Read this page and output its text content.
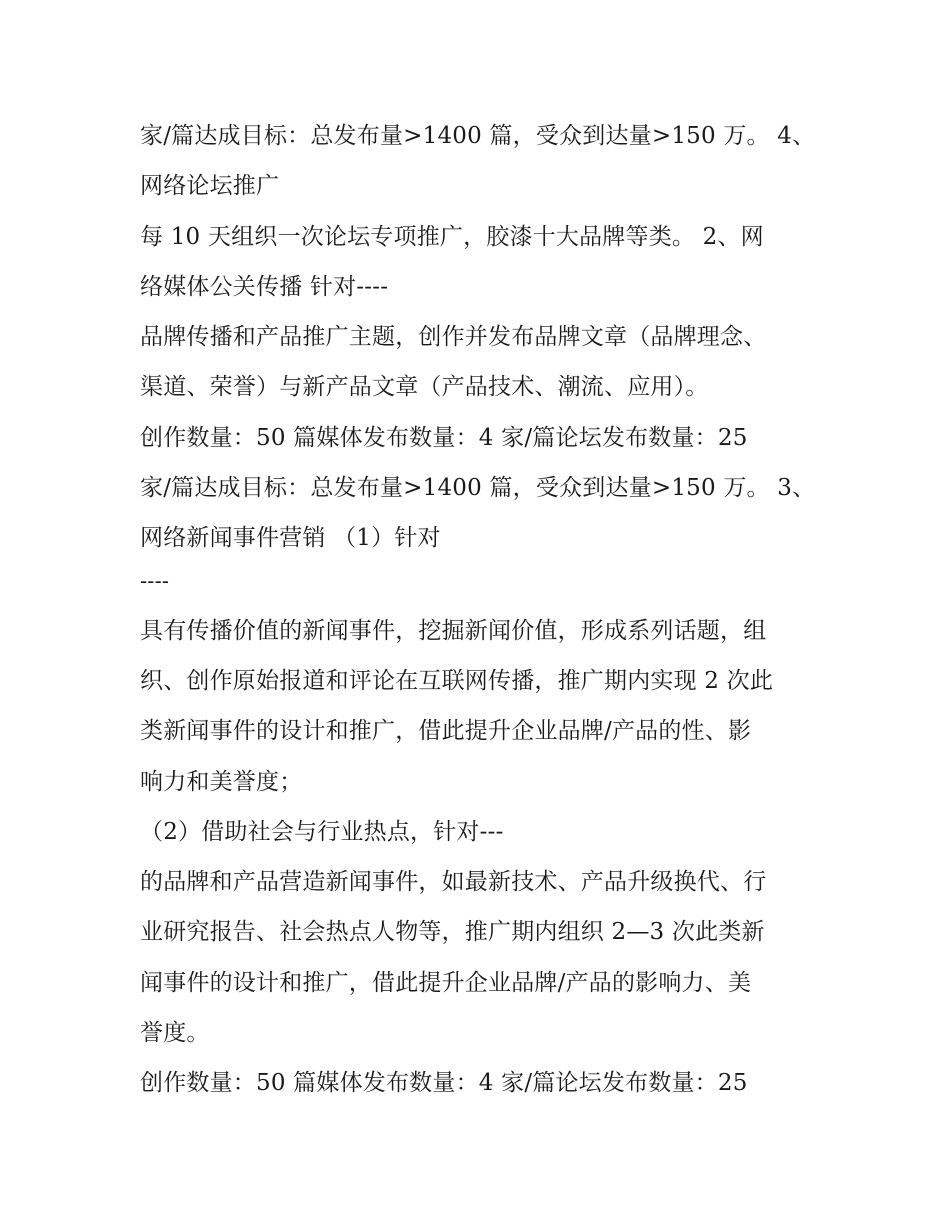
家/篇达成目标：总发布量>1400 篇，受众到达量>150 万。 4、
网络论坛推广
每 10 天组织一次论坛专项推广，胶漆十大品牌等类。 2、网
络媒体公关传播 针对----
品牌传播和产品推广主题，创作并发布品牌文章（品牌理念、
渠道、荣誉）与新产品文章（产品技术、潮流、应用）。
创作数量：50 篇媒体发布数量：4 家/篇论坛发布数量：25
家/篇达成目标：总发布量>1400 篇，受众到达量>150 万。 3、
网络新闻事件营销 （1）针对
----
具有传播价值的新闻事件，挖掘新闻价值，形成系列话题，组
织、创作原始报道和评论在互联网传播，推广期内实现 2 次此
类新闻事件的设计和推广，借此提升企业品牌/产品的性、影
响力和美誉度；
（2）借助社会与行业热点，针对---
的品牌和产品营造新闻事件，如最新技术、产品升级换代、行
业研究报告、社会热点人物等，推广期内组织 2—3 次此类新
闻事件的设计和推广，借此提升企业品牌/产品的影响力、美
誉度。
创作数量：50 篇媒体发布数量：4 家/篇论坛发布数量：25
